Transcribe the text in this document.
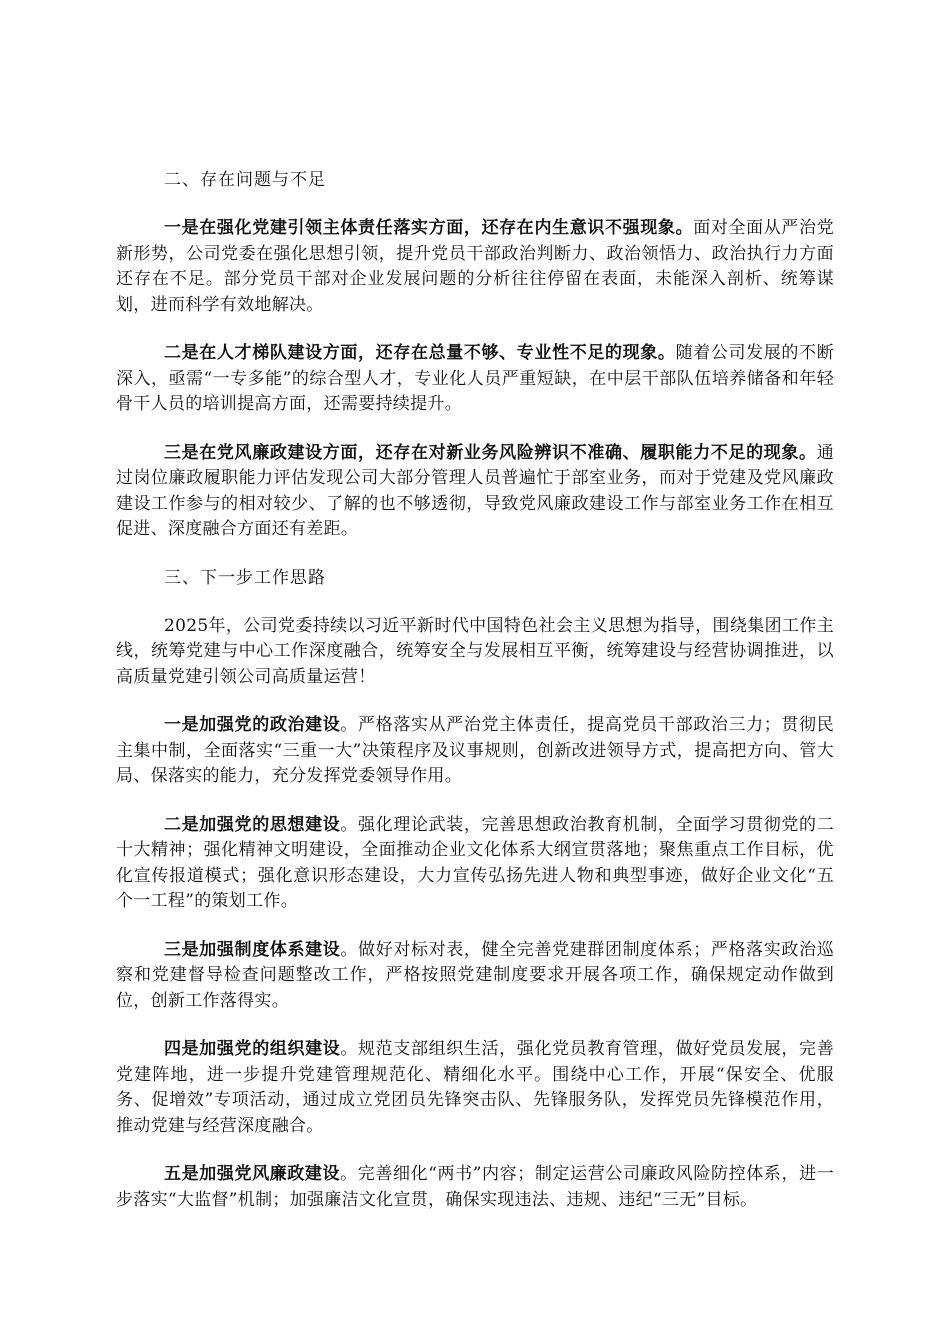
二、存在问题与不足

一是在强化党建引领主体责任落实方面，还存在内生意识不强现象。面对全面从严治党新形势，公司党委在强化思想引领，提升党员干部政治判断力、政治领悟力、政治执行力方面还存在不足。部分党员干部对企业发展问题的分析往往停留在表面，未能深入剖析、统筹谋划，进而科学有效地解决。

二是在人才梯队建设方面，还存在总量不够、专业性不足的现象。随着公司发展的不断深入，亟需“一专多能”的综合型人才，专业化人员严重短缺，在中层干部队伍培养储备和年轻骨干人员的培训提高方面，还需要持续提升。

三是在党风廉政建设方面，还存在对新业务风险辨识不准确、履职能力不足的现象。通过岗位廉政履职能力评估发现公司大部分管理人员普遍忙于部室业务，而对于党建及党风廉政建设工作参与的相对较少、了解的也不够透彻，导致党风廉政建设工作与部室业务工作在相互促进、深度融合方面还有差距。

三、下一步工作思路

2025年，公司党委持续以习近平新时代中国特色社会主义思想为指导，围绕集团工作主线，统筹党建与中心工作深度融合，统筹安全与发展相互平衡，统筹建设与经营协调推进，以高质量党建引领公司高质量运营！

一是加强党的政治建设。严格落实从严治党主体责任，提高党员干部政治三力；贯彻民主集中制，全面落实“三重一大”决策程序及议事规则，创新改进领导方式，提高把方向、管大局、保落实的能力，充分发挥党委领导作用。

二是加强党的思想建设。强化理论武装，完善思想政治教育机制，全面学习贯彻党的二十大精神；强化精神文明建设，全面推动企业文化体系大纲宣贯落地；聚焦重点工作目标，优化宣传报道模式；强化意识形态建设，大力宣传弘扬先进人物和典型事迹，做好企业文化“五个一工程”的策划工作。

三是加强制度体系建设。做好对标对表，健全完善党建群团制度体系；严格落实政治巡察和党建督导检查问题整改工作，严格按照党建制度要求开展各项工作，确保规定动作做到位，创新工作落得实。

四是加强党的组织建设。规范支部组织生活，强化党员教育管理，做好党员发展，完善党建阵地，进一步提升党建管理规范化、精细化水平。围绕中心工作，开展“保安全、优服务、促增效”专项活动，通过成立党团员先锋突击队、先锋服务队，发挥党员先锋模范作用，推动党建与经营深度融合。

五是加强党风廉政建设。完善细化“两书”内容；制定运营公司廉政风险防控体系，进一步落实“大监督”机制；加强廉洁文化宣贯，确保实现违法、违规、违纪“三无”目标。
